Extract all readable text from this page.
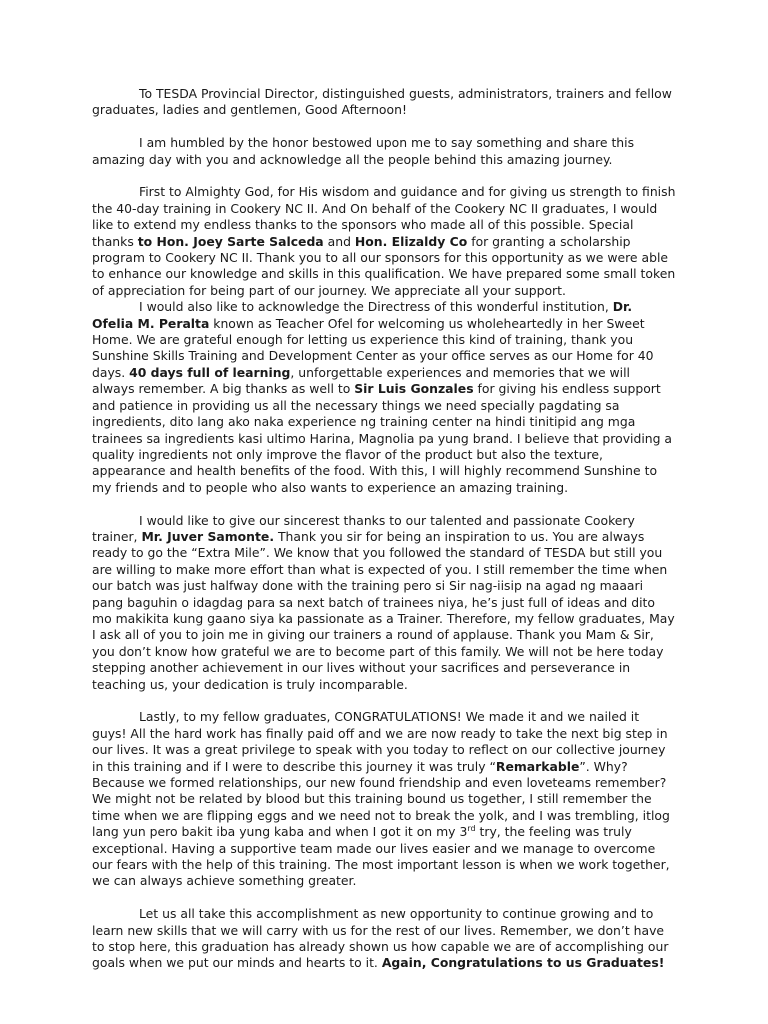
To TESDA Provincial Director, distinguished guests, administrators, trainers and fellow graduates, ladies and gentlemen, Good Afternoon!

I am humbled by the honor bestowed upon me to say something and share this amazing day with you and acknowledge all the people behind this amazing journey.

First to Almighty God, for His wisdom and guidance and for giving us strength to finish the 40-day training in Cookery NC II. And On behalf of the Cookery NC II graduates, I would like to extend my endless thanks to the sponsors who made all of this possible. Special thanks to Hon. Joey Sarte Salceda and Hon. Elizaldy Co for granting a scholarship program to Cookery NC II. Thank you to all our sponsors for this opportunity as we were able to enhance our knowledge and skills in this qualification. We have prepared some small token of appreciation for being part of our journey. We appreciate all your support.

I would also like to acknowledge the Directress of this wonderful institution, Dr. Ofelia M. Peralta known as Teacher Ofel for welcoming us wholeheartedly in her Sweet Home. We are grateful enough for letting us experience this kind of training, thank you Sunshine Skills Training and Development Center as your office serves as our Home for 40 days. 40 days full of learning, unforgettable experiences and memories that we will always remember. A big thanks as well to Sir Luis Gonzales for giving his endless support and patience in providing us all the necessary things we need specially pagdating sa ingredients, dito lang ako naka experience ng training center na hindi tinitipid ang mga trainees sa ingredients kasi ultimo Harina, Magnolia pa yung brand. I believe that providing a quality ingredients not only improve the flavor of the product but also the texture, appearance and health benefits of the food. With this, I will highly recommend Sunshine to my friends and to people who also wants to experience an amazing training.

I would like to give our sincerest thanks to our talented and passionate Cookery trainer, Mr. Juver Samonte. Thank you sir for being an inspiration to us. You are always ready to go the “Extra Mile”. We know that you followed the standard of TESDA but still you are willing to make more effort than what is expected of you. I still remember the time when our batch was just halfway done with the training pero si Sir nag-iisip na agad ng maaari pang baguhin o idagdag para sa next batch of trainees niya, he’s just full of ideas and dito mo makikita kung gaano siya ka passionate as a Trainer. Therefore, my fellow graduates, May I ask all of you to join me in giving our trainers a round of applause. Thank you Mam & Sir, you don’t know how grateful we are to become part of this family. We will not be here today stepping another achievement in our lives without your sacrifices and perseverance in teaching us, your dedication is truly incomparable.

Lastly, to my fellow graduates, CONGRATULATIONS! We made it and we nailed it guys! All the hard work has finally paid off and we are now ready to take the next big step in our lives. It was a great privilege to speak with you today to reflect on our collective journey in this training and if I were to describe this journey it was truly “Remarkable”. Why? Because we formed relationships, our new found friendship and even loveteams remember? We might not be related by blood but this training bound us together, I still remember the time when we are flipping eggs and we need not to break the yolk, and I was trembling, itlog lang yun pero bakit iba yung kaba and when I got it on my 3rd try, the feeling was truly exceptional. Having a supportive team made our lives easier and we manage to overcome our fears with the help of this training. The most important lesson is when we work together, we can always achieve something greater.

Let us all take this accomplishment as new opportunity to continue growing and to learn new skills that we will carry with us for the rest of our lives. Remember, we don’t have to stop here, this graduation has already shown us how capable we are of accomplishing our goals when we put our minds and hearts to it. Again, Congratulations to us Graduates!
